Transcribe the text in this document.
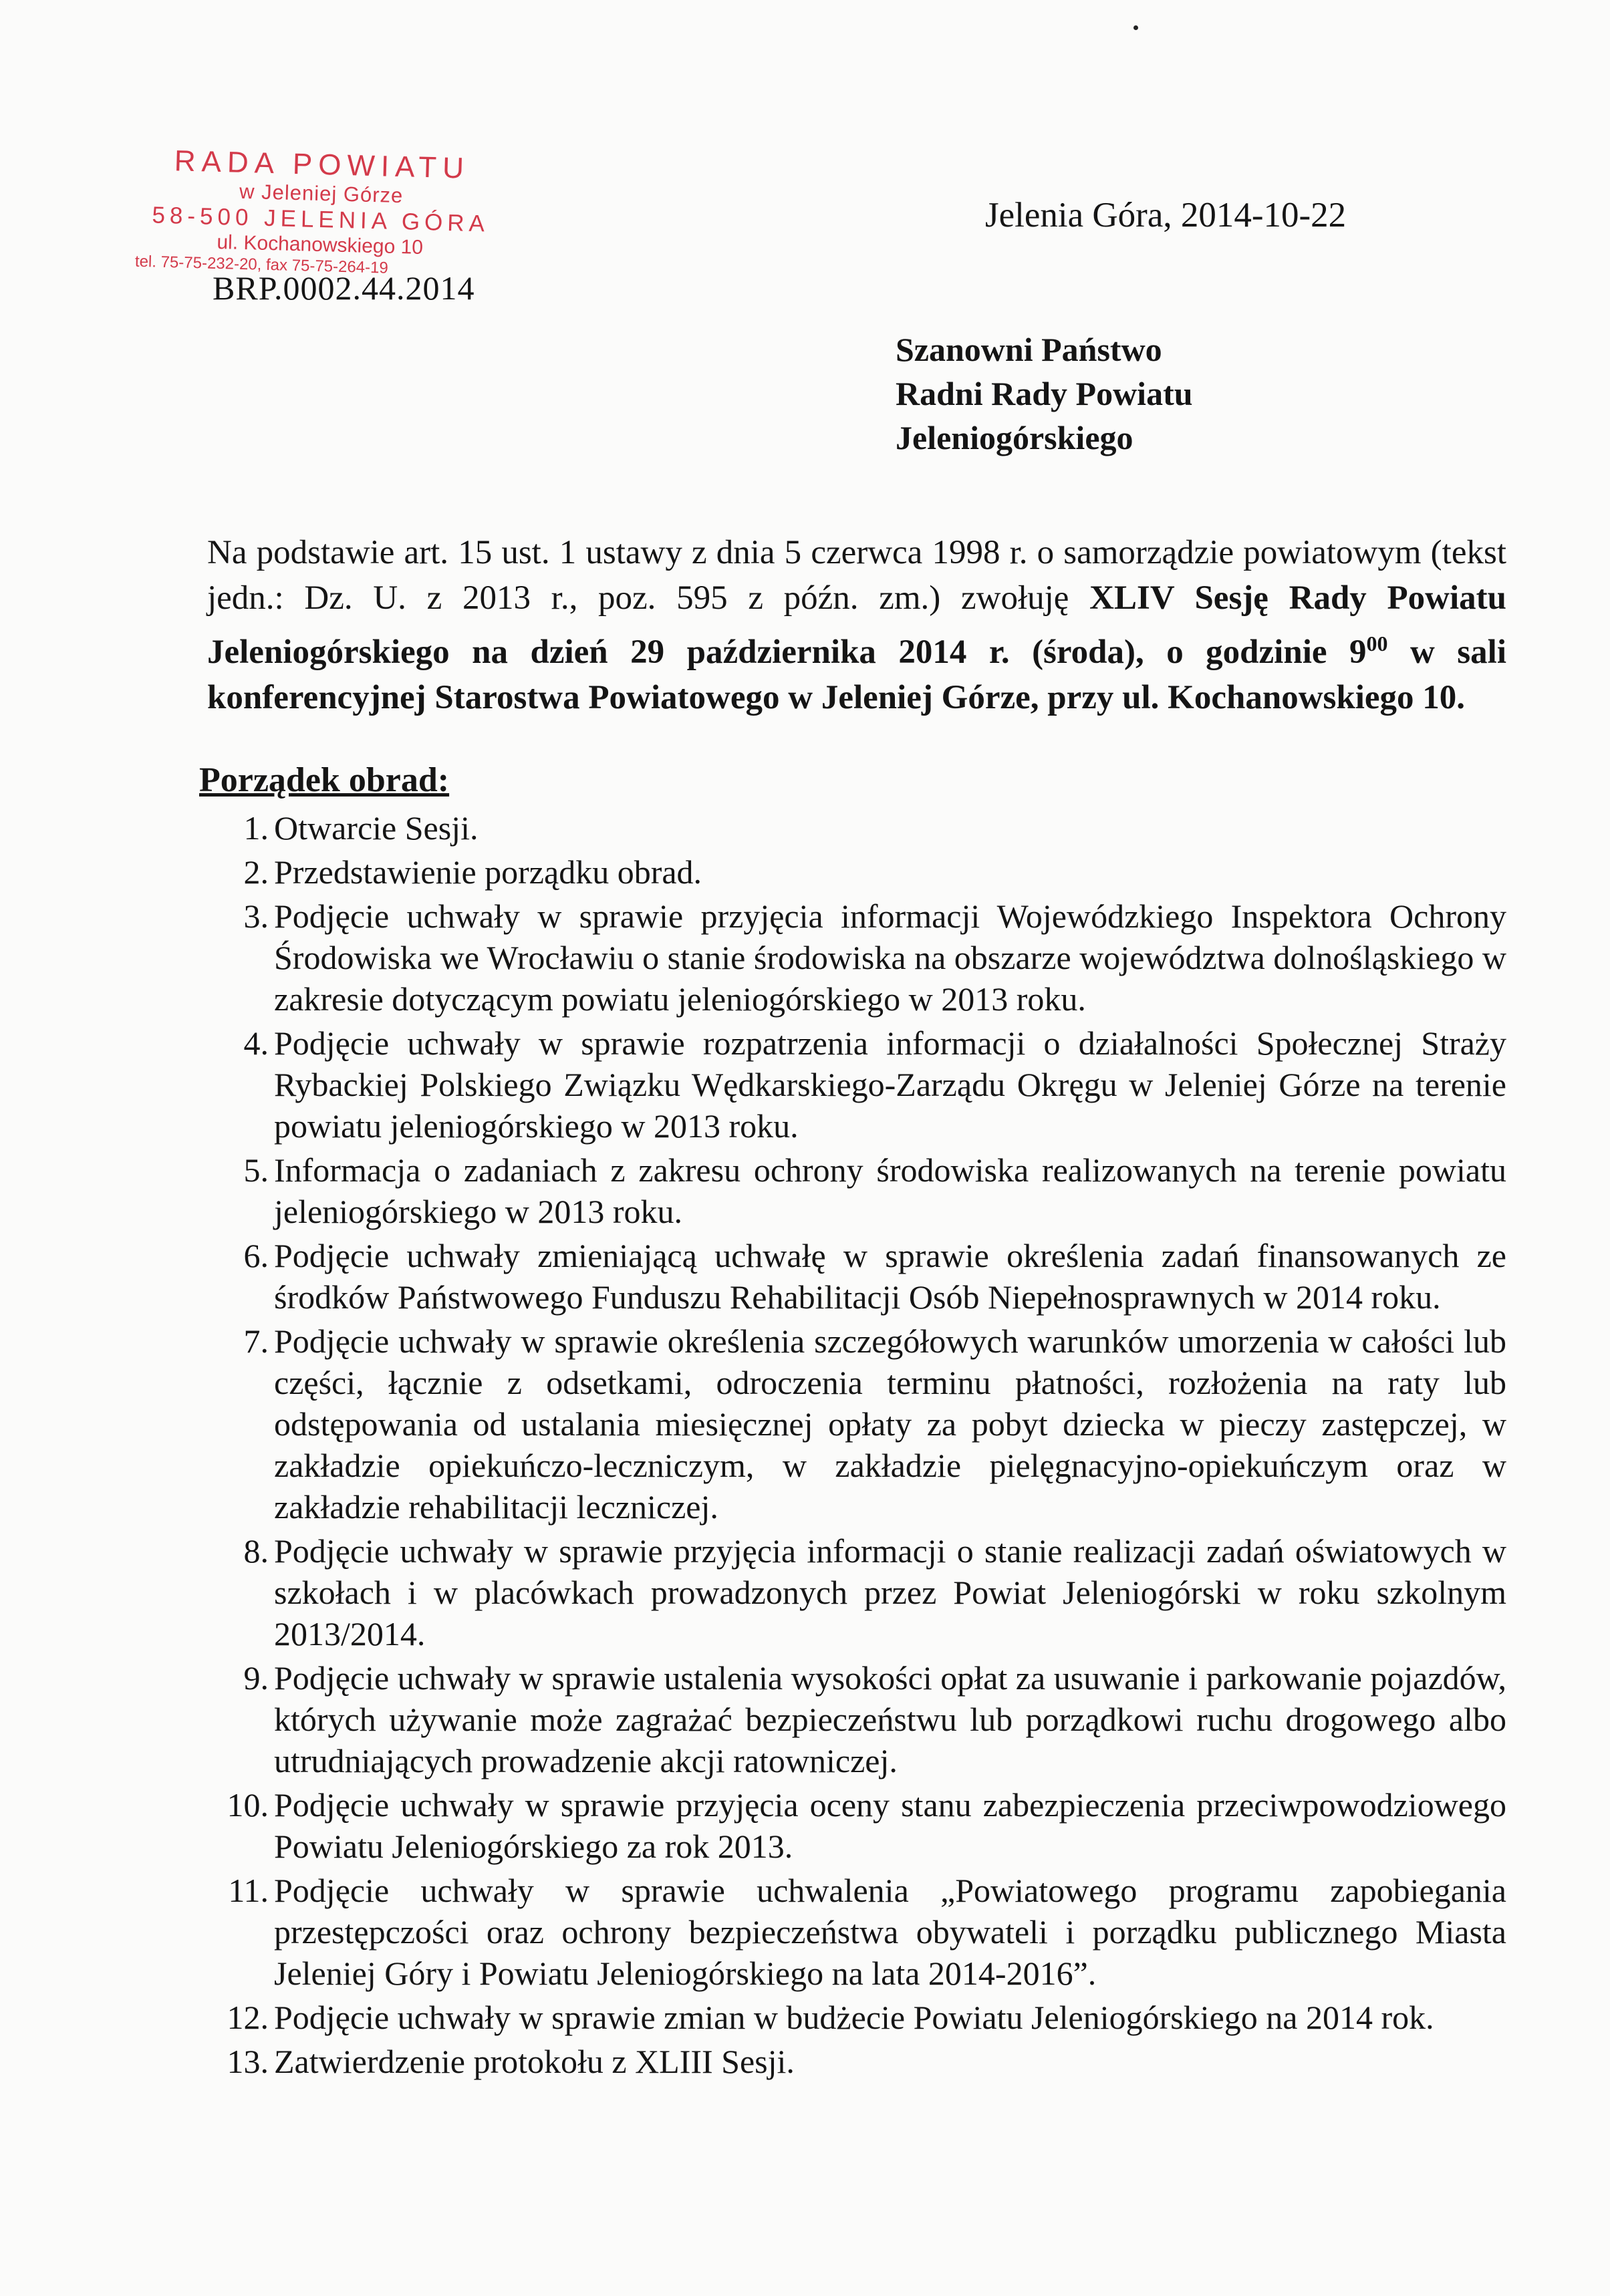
RADA POWIATU
w Jeleniej Górze
58-500 JELENIA GÓRA
ul. Kochanowskiego 10
tel. 75-75-232-20, fax 75-75-264-19
BRP.0002.44.2014
Jelenia Góra, 2014-10-22
Szanowni Państwo
Radni Rady Powiatu
Jeleniogórskiego

Na podstawie art. 15 ust. 1 ustawy z dnia 5 czerwca 1998 r. o samorządzie powiatowym (tekst jedn.: Dz. U. z 2013 r., poz. 595 z późn. zm.) zwołuję XLIV Sesję Rady Powiatu Jeleniogórskiego na dzień 29 października 2014 r. (środa), o godzinie $9^{00}$ w sali konferencyjnej Starostwa Powiatowego w Jeleniej Górze, przy ul. Kochanowskiego 10.

Porządek obrad:
1. Otwarcie Sesji.
2. Przedstawienie porządku obrad.
3. Podjęcie uchwały w sprawie przyjęcia informacji Wojewódzkiego Inspektora Ochrony Środowiska we Wrocławiu o stanie środowiska na obszarze województwa dolnośląskiego w zakresie dotyczącym powiatu jeleniogórskiego w 2013 roku.
4. Podjęcie uchwały w sprawie rozpatrzenia informacji o działalności Społecznej Straży Rybackiej Polskiego Związku Wędkarskiego-Zarządu Okręgu w Jeleniej Górze na terenie powiatu jeleniogórskiego w 2013 roku.
5. Informacja o zadaniach z zakresu ochrony środowiska realizowanych na terenie powiatu jeleniogórskiego w 2013 roku.
6. Podjęcie uchwały zmieniającą uchwałę w sprawie określenia zadań finansowanych ze środków Państwowego Funduszu Rehabilitacji Osób Niepełnosprawnych w 2014 roku.
7. Podjęcie uchwały w sprawie określenia szczegółowych warunków umorzenia w całości lub części, łącznie z odsetkami, odroczenia terminu płatności, rozłożenia na raty lub odstępowania od ustalania miesięcznej opłaty za pobyt dziecka w pieczy zastępczej, w zakładzie opiekuńczo-leczniczym, w zakładzie pielęgnacyjno-opiekuńczym oraz w zakładzie rehabilitacji leczniczej.
8. Podjęcie uchwały w sprawie przyjęcia informacji o stanie realizacji zadań oświatowych w szkołach i w placówkach prowadzonych przez Powiat Jeleniogórski w roku szkolnym 2013/2014.
9. Podjęcie uchwały w sprawie ustalenia wysokości opłat za usuwanie i parkowanie pojazdów, których używanie może zagrażać bezpieczeństwu lub porządkowi ruchu drogowego albo utrudniających prowadzenie akcji ratowniczej.
10. Podjęcie uchwały w sprawie przyjęcia oceny stanu zabezpieczenia przeciwpowodziowego Powiatu Jeleniogórskiego za rok 2013.
11. Podjęcie uchwały w sprawie uchwalenia „Powiatowego programu zapobiegania przestępczości oraz ochrony bezpieczeństwa obywateli i porządku publicznego Miasta Jeleniej Góry i Powiatu Jeleniogórskiego na lata 2014-2016”.
12. Podjęcie uchwały w sprawie zmian w budżecie Powiatu Jeleniogórskiego na 2014 rok.
13. Zatwierdzenie protokołu z XLIII Sesji.
